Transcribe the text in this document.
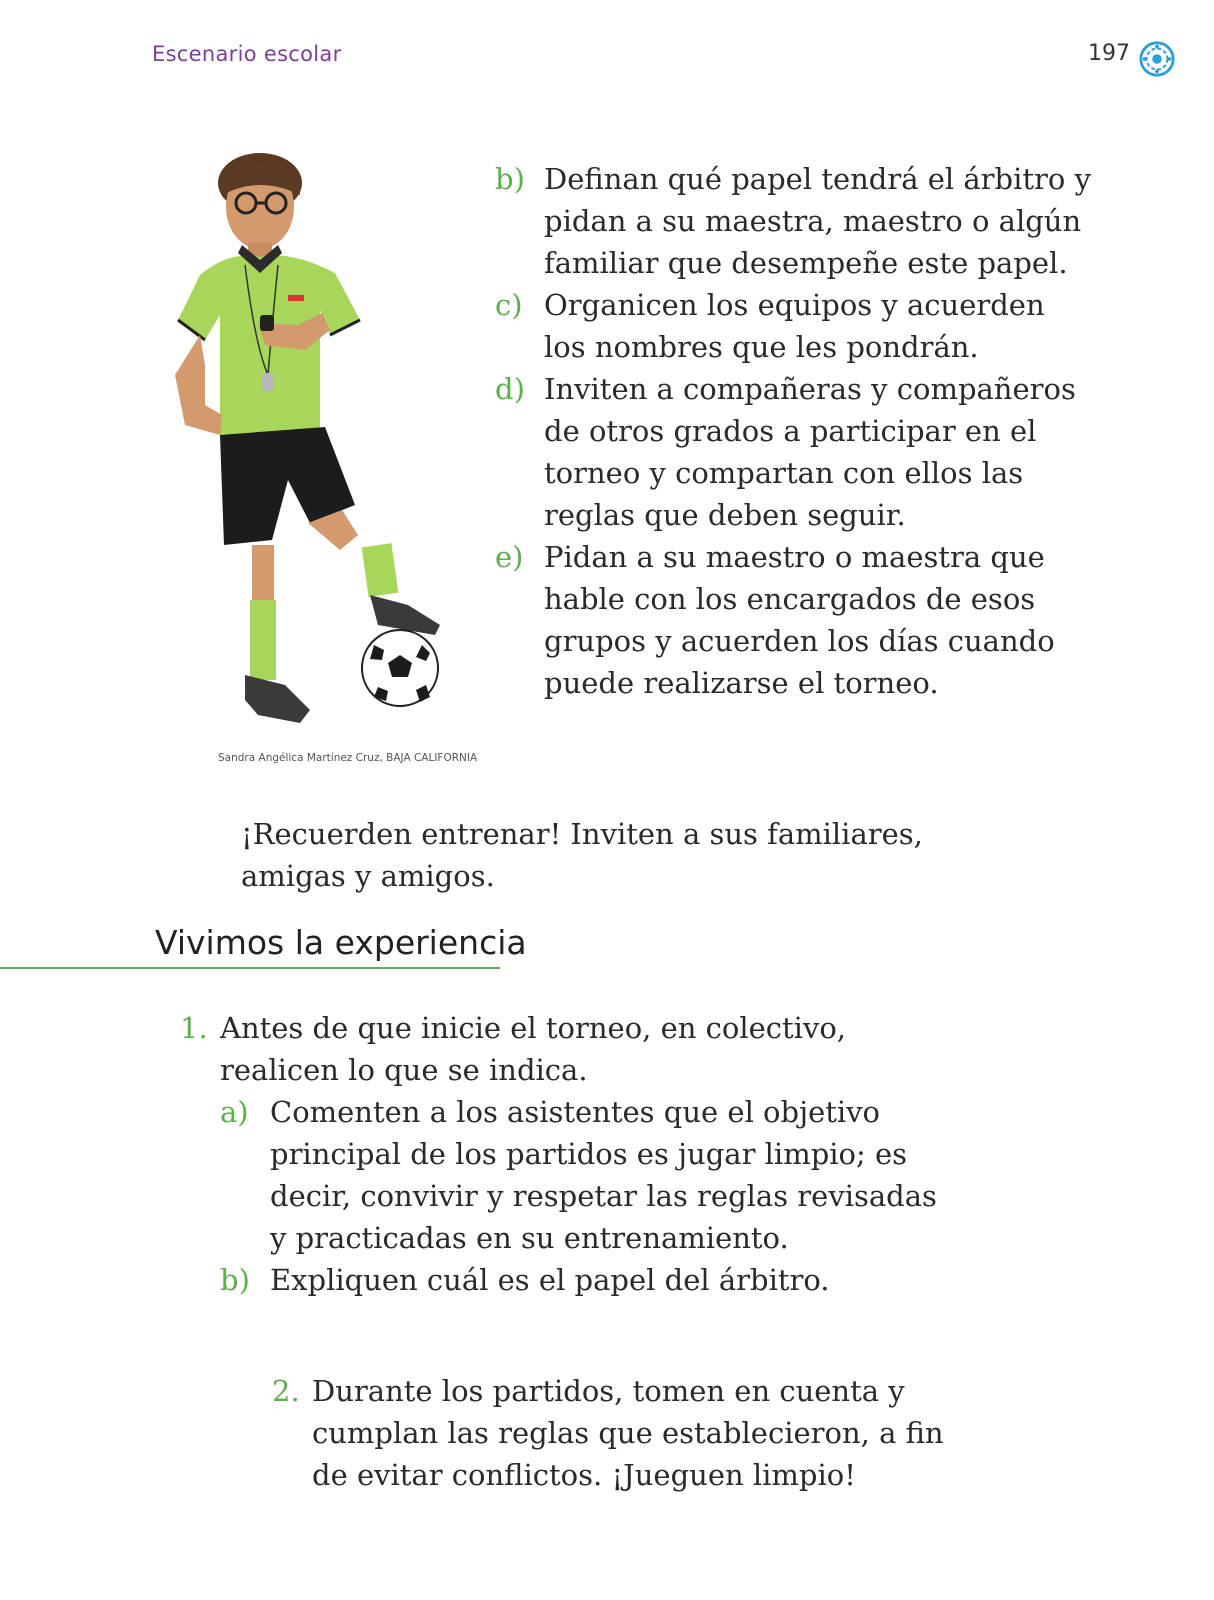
Escenario escolar	197
Sandra Angélica Martínez Cruz, BAJA CALIFORNIA
b) Definan qué papel tendrá el árbitro y pidan a su maestra, maestro o algún familiar que desempeñe este papel.
c) Organicen los equipos y acuerden los nombres que les pondrán.
d) Inviten a compañeras y compañeros de otros grados a participar en el torneo y compartan con ellos las reglas que deben seguir.
e) Pidan a su maestro o maestra que hable con los encargados de esos grupos y acuerden los días cuando puede realizarse el torneo.

¡Recuerden entrenar! Inviten a sus familiares, amigas y amigos.

Vivimos la experiencia
1. Antes de que inicie el torneo, en colectivo, realicen lo que se indica.
a) Comenten a los asistentes que el objetivo principal de los partidos es jugar limpio; es decir, convivir y respetar las reglas revisadas y practicadas en su entrenamiento.
b) Expliquen cuál es el papel del árbitro.
2. Durante los partidos, tomen en cuenta y cumplan las reglas que establecieron, a fin de evitar conflictos. ¡Jueguen limpio!
